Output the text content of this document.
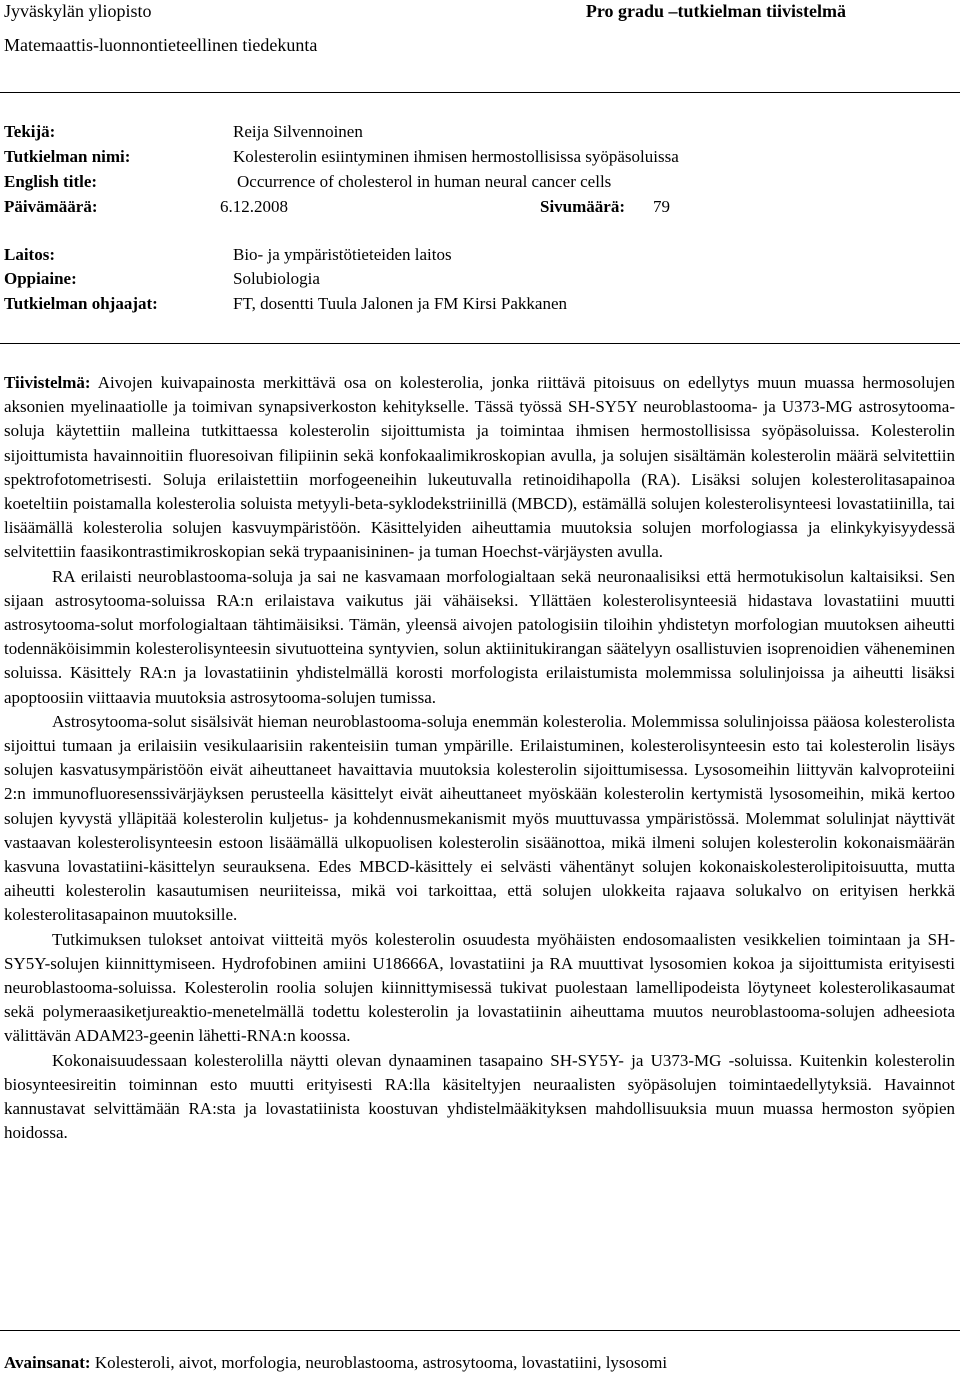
Jyväskylän yliopisto
Matemaattis-luonnontieteellinen tiedekunta
Pro gradu –tutkielman tiivistelmä
Tekijä:	Reija Silvennoinen
Tutkielman nimi:	Kolesterolin esiintyminen ihmisen hermostollisissa syöpäsoluissa
English title:	Occurrence of cholesterol in human neural cancer cells
Päivämäärä:	6.12.2008	Sivumäärä: 79
Laitos:	Bio- ja ympäristötieteiden laitos
Oppiaine:	Solubiologia
Tutkielman ohjaajat:	FT, dosentti Tuula Jalonen ja FM Kirsi Pakkanen

Tiivistelmä: Aivojen kuivapainosta merkittävä osa on kolesterolia, jonka riittävä pitoisuus on edellytys muun muassa hermosolujen aksonien myelinaatiolle ja toimivan synapsiverkoston kehitykselle. Tässä työssä SH-SY5Y neuroblastooma- ja U373-MG astrosytooma-soluja käytettiin malleina tutkittaessa kolesterolin sijoittumista ja toimintaa ihmisen hermostollisissa syöpäsoluissa. Kolesterolin sijoittumista havainnoitiin fluoresoivan filipiinin sekä konfokaalimikroskopian avulla, ja solujen sisältämän kolesterolin määrä selvitettiin spektrofotometrisesti. Soluja erilaistettiin morfogeeneihin lukeutuvalla retinoidihapolla (RA). Lisäksi solujen kolesterolitasapainoa koeteltiin poistamalla kolesterolia soluista metyyli-beta-syklodekstriinillä (MBCD), estämällä solujen kolesterolisynteesi lovastatiinilla, tai lisäämällä kolesterolia solujen kasvuympäristöön. Käsittelyiden aiheuttamia muutoksia solujen morfologiassa ja elinkykyisyydessä selvitettiin faasikontrastimikroskopian sekä trypaanisininen- ja tuman Hoechst-värjäysten avulla.

RA erilaisti neuroblastooma-soluja ja sai ne kasvamaan morfologialtaan sekä neuronaalisiksi että hermotukisolun kaltaisiksi. Sen sijaan astrosytooma-soluissa RA:n erilaistava vaikutus jäi vähäiseksi. Yllättäen kolesterolisynteesiä hidastava lovastatiini muutti astrosytooma-solut morfologialtaan tähtimäisiksi. Tämän, yleensä aivojen patologisiin tiloihin yhdistetyn morfologian muutoksen aiheutti todennäköisimmin kolesterolisynteesin sivutuotteina syntyvien, solun aktiinitukirangan säätelyyn osallistuvien isoprenoidien väheneminen soluissa. Käsittely RA:n ja lovastatiinin yhdistelmällä korosti morfologista erilaistumista molemmissa solulinjoissa ja aiheutti lisäksi apoptoosiin viittaavia muutoksia astrosytooma-solujen tumissa.

Astrosytooma-solut sisälsivät hieman neuroblastooma-soluja enemmän kolesterolia. Molemmissa solulinjoissa pääosa kolesterolista sijoittui tumaan ja erilaisiin vesikulaarisiin rakenteisiin tuman ympärille. Erilaistuminen, kolesterolisynteesin esto tai kolesterolin lisäys solujen kasvatusympäristöön eivät aiheuttaneet havaittavia muutoksia kolesterolin sijoittumisessa. Lysosomeihin liittyvän kalvoproteiini 2:n immunofluoresenssivärjäyksen perusteella käsittelyt eivät aiheuttaneet myöskään kolesterolin kertymistä lysosomeihin, mikä kertoo solujen kyvystä ylläpitää kolesterolin kuljetus- ja kohdennusmekanismit myös muuttuvassa ympäristössä. Molemmat solulinjat näyttivät vastaavan kolesterolisynteesin estoon lisäämällä ulkopuolisen kolesterolin sisäänottoa, mikä ilmeni solujen kolesterolin kokonaismäärän kasvuna lovastatiini-käsittelyn seurauksena. Edes MBCD-käsittely ei selvästi vähentänyt solujen kokonaiskolesterolipitoisuutta, mutta aiheutti kolesterolin kasautumisen neuriiteissa, mikä voi tarkoittaa, että solujen ulokkeita rajaava solukalvo on erityisen herkkä kolesterolitasapainon muutoksille.

Tutkimuksen tulokset antoivat viitteitä myös kolesterolin osuudesta myöhäisten endosomaalisten vesikkelien toimintaan ja SH-SY5Y-solujen kiinnittymiseen. Hydrofobinen amiini U18666A, lovastatiini ja RA muuttivat lysosomien kokoa ja sijoittumista erityisesti neuroblastooma-soluissa. Kolesterolin roolia solujen kiinnittymisessä tukivat puolestaan lamellipodeista löytyneet kolesterolikasaumat sekä polymeraasiketjureaktio-menetelmällä todettu kolesterolin ja lovastatiinin aiheuttama muutos neuroblastooma-solujen adheesiota välittävän ADAM23-geenin lähetti-RNA:n koossa.

Kokonaisuudessaan kolesterolilla näytti olevan dynaaminen tasapaino SH-SY5Y- ja U373-MG -soluissa. Kuitenkin kolesterolin biosynteesireitin toiminnan esto muutti erityisesti RA:lla käsiteltyjen neuraalisten syöpäsolujen toimintaedellytyksiä. Havainnot kannustavat selvittämään RA:sta ja lovastatiinista koostuvan yhdistelmääkityksen mahdollisuuksia muun muassa hermoston syöpien hoidossa.

Avainsanat: Kolesteroli, aivot, morfologia, neuroblastooma, astrosytooma, lovastatiini, lysosomi
